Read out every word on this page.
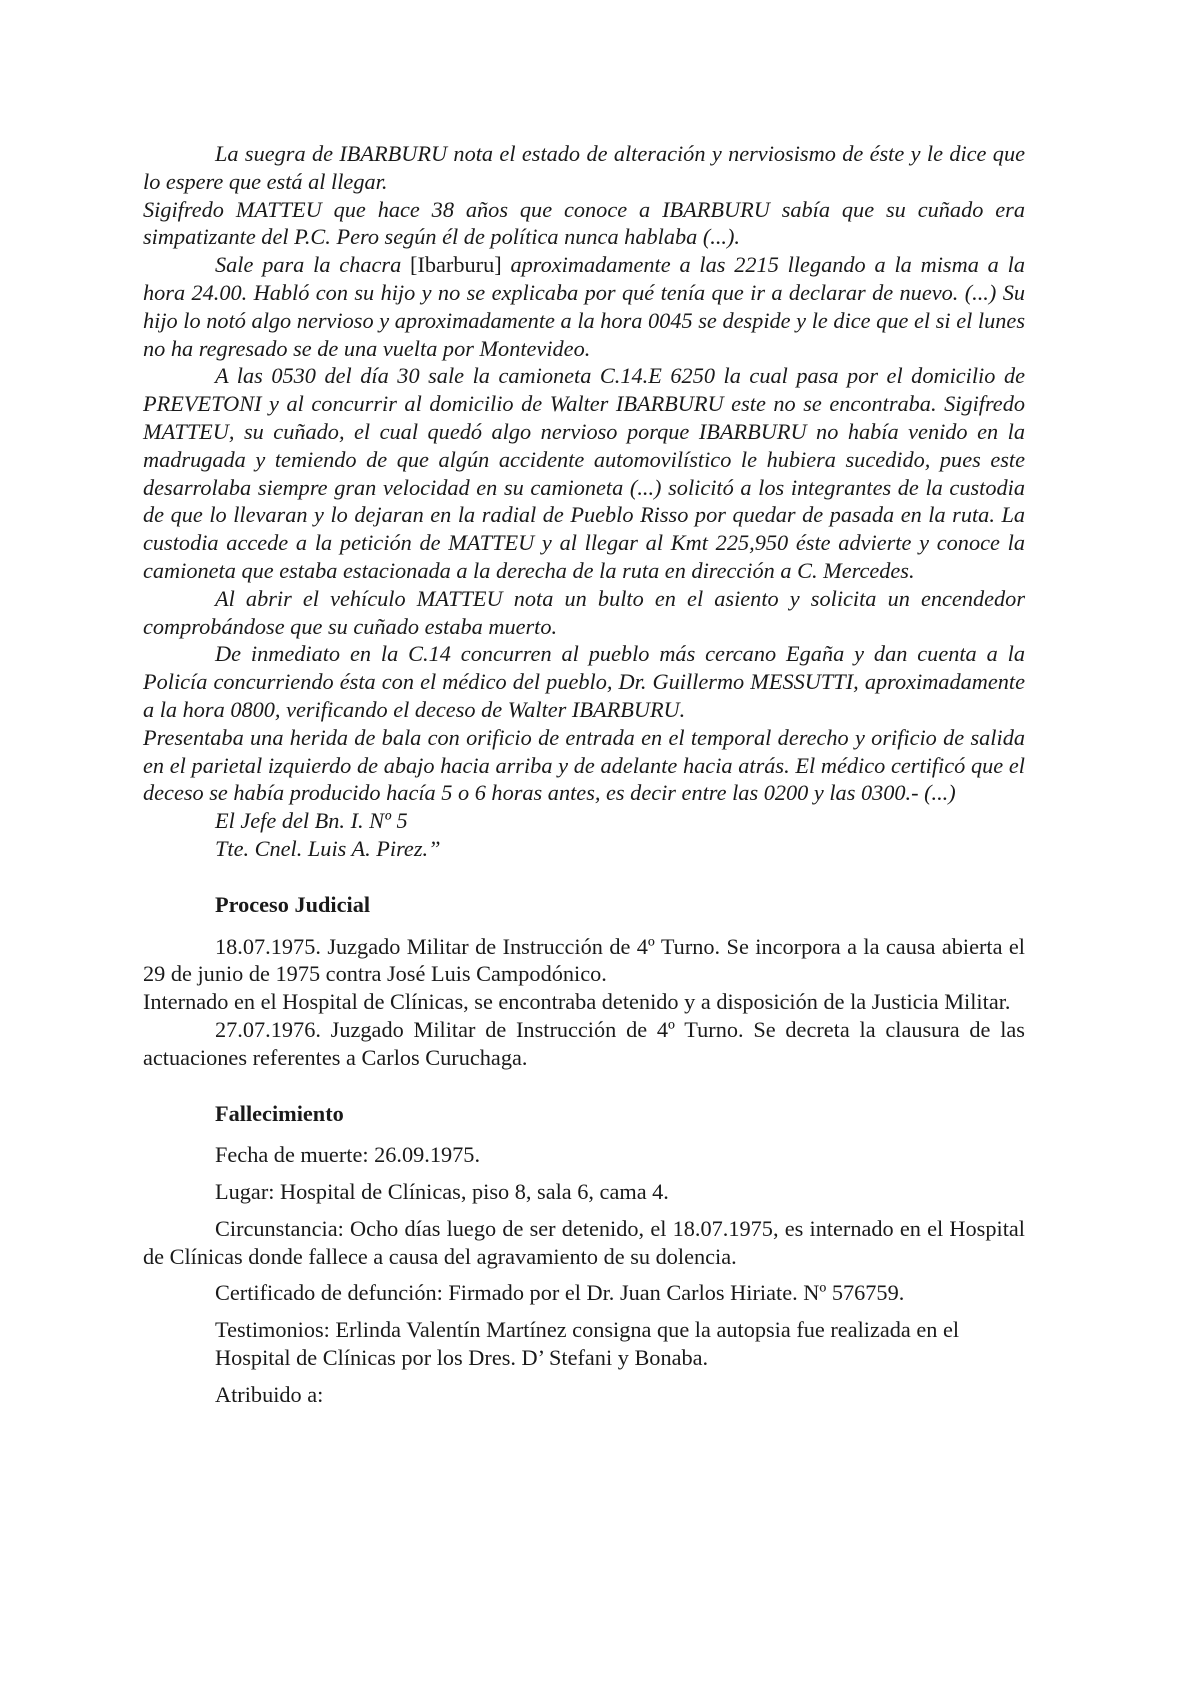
La suegra de IBARBURU nota el estado de alteración y nerviosismo de éste y le dice que lo espere que está al llegar.

Sigifredo MATTEU que hace 38 años que conoce a IBARBURU sabía que su cuñado era simpatizante del P.C. Pero según él de política nunca hablaba (...).

Sale para la chacra [Ibarburu] aproximadamente a las 2215 llegando a la misma a la hora 24.00. Habló con su hijo y no se explicaba por qué tenía que ir a declarar de nuevo. (...) Su hijo lo notó algo nervioso y aproximadamente a la hora 0045 se despide y le dice que el si el lunes no ha regresado se de una vuelta por Montevideo.

A las 0530 del día 30 sale la camioneta C.14.E 6250 la cual pasa por el domicilio de PREVETONI y al concurrir al domicilio de Walter IBARBURU este no se encontraba. Sigifredo MATTEU, su cuñado, el cual quedó algo nervioso porque IBARBURU no había venido en la madrugada y temiendo de que algún accidente automovilístico le hubiera sucedido, pues este desarrolaba siempre gran velocidad en su camioneta (...) solicitó a los integrantes de la custodia de que lo llevaran y lo dejaran en la radial de Pueblo Risso por quedar de pasada en la ruta. La custodia accede a la petición de MATTEU y al llegar al Kmt 225,950 éste advierte y conoce la camioneta que estaba estacionada a la derecha de la ruta en dirección a C. Mercedes.

Al abrir el vehículo MATTEU nota un bulto en el asiento y solicita un encendedor comprobándose que su cuñado estaba muerto.

De inmediato en la C.14 concurren al pueblo más cercano Egaña y dan cuenta a la Policía concurriendo ésta con el médico del pueblo, Dr. Guillermo MESSUTTI, aproximadamente a la hora 0800, verificando el deceso de Walter IBARBURU.

Presentaba una herida de bala con orificio de entrada en el temporal derecho y orificio de salida en el parietal izquierdo de abajo hacia arriba y de adelante hacia atrás. El médico certificó que el deceso se había producido hacía 5 o 6 horas antes, es decir entre las 0200 y las 0300.- (...)

El Jefe del Bn. I. Nº 5

Tte. Cnel. Luis A. Pirez.”

Proceso Judicial

18.07.1975. Juzgado Militar de Instrucción de 4º Turno. Se incorpora a la causa abierta el 29 de junio de 1975 contra José Luis Campodónico.

Internado en el Hospital de Clínicas, se encontraba detenido y a disposición de la Justicia Militar.

27.07.1976. Juzgado Militar de Instrucción de 4º Turno. Se decreta la clausura de las actuaciones referentes a Carlos Curuchaga.

Fallecimiento

Fecha de muerte: 26.09.1975.

Lugar: Hospital de Clínicas, piso 8, sala 6, cama 4.

Circunstancia: Ocho días luego de ser detenido, el 18.07.1975, es internado en el Hospital de Clínicas donde fallece a causa del agravamiento de su dolencia.

Certificado de defunción: Firmado por el Dr. Juan Carlos Hiriate. Nº 576759.

Testimonios: Erlinda Valentín Martínez consigna que la autopsia fue realizada en el Hospital de Clínicas por los Dres. D’ Stefani y Bonaba.

Atribuido a:
